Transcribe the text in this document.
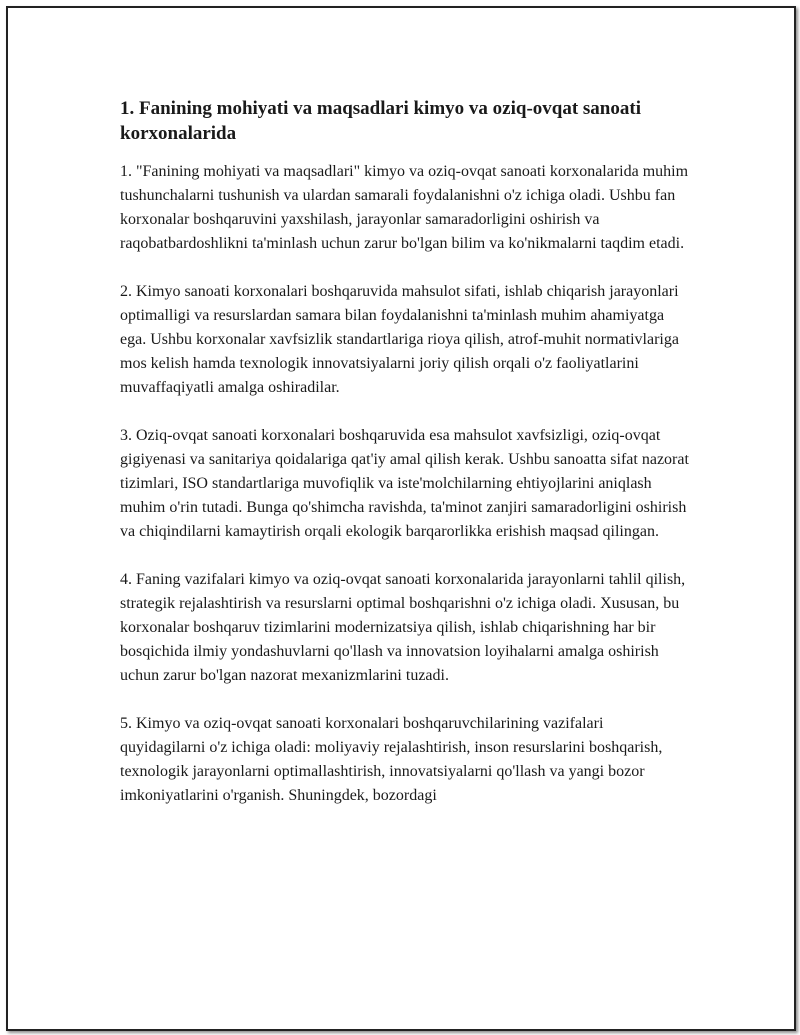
1. Fanining mohiyati va maqsadlari kimyo va oziq-ovqat sanoati korxonalarida

1. "Fanining mohiyati va maqsadlari" kimyo va oziq-ovqat sanoati korxonalarida muhim tushunchalarni tushunish va ulardan samarali foydalanishni o'z ichiga oladi. Ushbu fan korxonalar boshqaruvini yaxshilash, jarayonlar samaradorligini oshirish va raqobatbardoshlikni ta'minlash uchun zarur bo'lgan bilim va ko'nikmalarni taqdim etadi.

2. Kimyo sanoati korxonalari boshqaruvida mahsulot sifati, ishlab chiqarish jarayonlari optimalligi va resurslardan samara bilan foydalanishni ta'minlash muhim ahamiyatga ega. Ushbu korxonalar xavfsizlik standartlariga rioya qilish, atrof-muhit normativlariga mos kelish hamda texnologik innovatsiyalarni joriy qilish orqali o'z faoliyatlarini muvaffaqiyatli amalga oshiradilar.

3. Oziq-ovqat sanoati korxonalari boshqaruvida esa mahsulot xavfsizligi, oziq-ovqat gigiyenasi va sanitariya qoidalariga qat'iy amal qilish kerak. Ushbu sanoatta sifat nazorat tizimlari, ISO standartlariga muvofiqlik va iste'molchilarning ehtiyojlarini aniqlash muhim o'rin tutadi. Bunga qo'shimcha ravishda, ta'minot zanjiri samaradorligini oshirish va chiqindilarni kamaytirish orqali ekologik barqarorlikka erishish maqsad qilingan.

4. Faning vazifalari kimyo va oziq-ovqat sanoati korxonalarida jarayonlarni tahlil qilish, strategik rejalashtirish va resurslarni optimal boshqarishni o'z ichiga oladi. Xususan, bu korxonalar boshqaruv tizimlarini modernizatsiya qilish, ishlab chiqarishning har bir bosqichida ilmiy yondashuvlarni qo'llash va innovatsion loyihalarni amalga oshirish uchun zarur bo'lgan nazorat mexanizmlarini tuzadi.

5. Kimyo va oziq-ovqat sanoati korxonalari boshqaruvchilarining vazifalari quyidagilarni o'z ichiga oladi: moliyaviy rejalashtirish, inson resurslarini boshqarish, texnologik jarayonlarni optimallashtirish, innovatsiyalarni qo'llash va yangi bozor imkoniyatlarini o'rganish. Shuningdek, bozordagi
